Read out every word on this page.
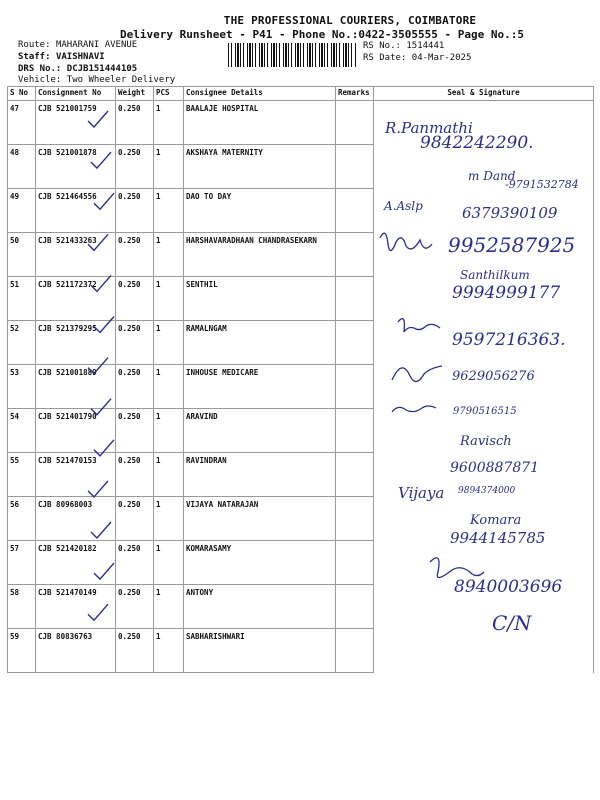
THE PROFESSIONAL COURIERS, COIMBATORE
Delivery Runsheet - P41 - Phone No.:0422-3505555 - Page No.:5
Route: MAHARANI AVENUE
Staff: VAISHNAVI
DRS No.: DCJB151444105
Vehicle: Two Wheeler Delivery
RS No.: 1514441
RS Date: 04-Mar-2025
S No	Consignment No	Weight	PCS	Consignee Details	Remarks	Seal & Signature
47	CJB 521001759	0.250	1	BAALAJE HOSPITAL		
48	CJB 521001878	0.250	1	AKSHAYA MATERNITY		
49	CJB 521464556	0.250	1	DAO TO DAY		
50	CJB 521433263	0.250	1	HARSHAVARADHAAN CHANDRASEKARN		
51	CJB 521172372	0.250	1	SENTHIL		
52	CJB 521379295	0.250	1	RAMALNGAM		
53	CJB 521001889	0.250	1	INHOUSE MEDICARE		
54	CJB 521401790	0.250	1	ARAVIND		
55	CJB 521470153	0.250	1	RAVINDRAN		
56	CJB 80968003	0.250	1	VIJAYA NATARAJAN		
57	CJB 521420182	0.250	1	KOMARASAMY		
58	CJB 521470149	0.250	1	ANTONY		
59	CJB 80836763	0.250	1	SABHARISHWARI		
R.Panmathi
9842242290.
m Dand
-9791532784
A.Aslp	6379390109
9952587925
Santhilkum
9994999177
9597216363.
9629056276
9790516515
Ravisch
9600887871
Vijaya 9894374000
Komara
9944145785
8940003696
C/N
